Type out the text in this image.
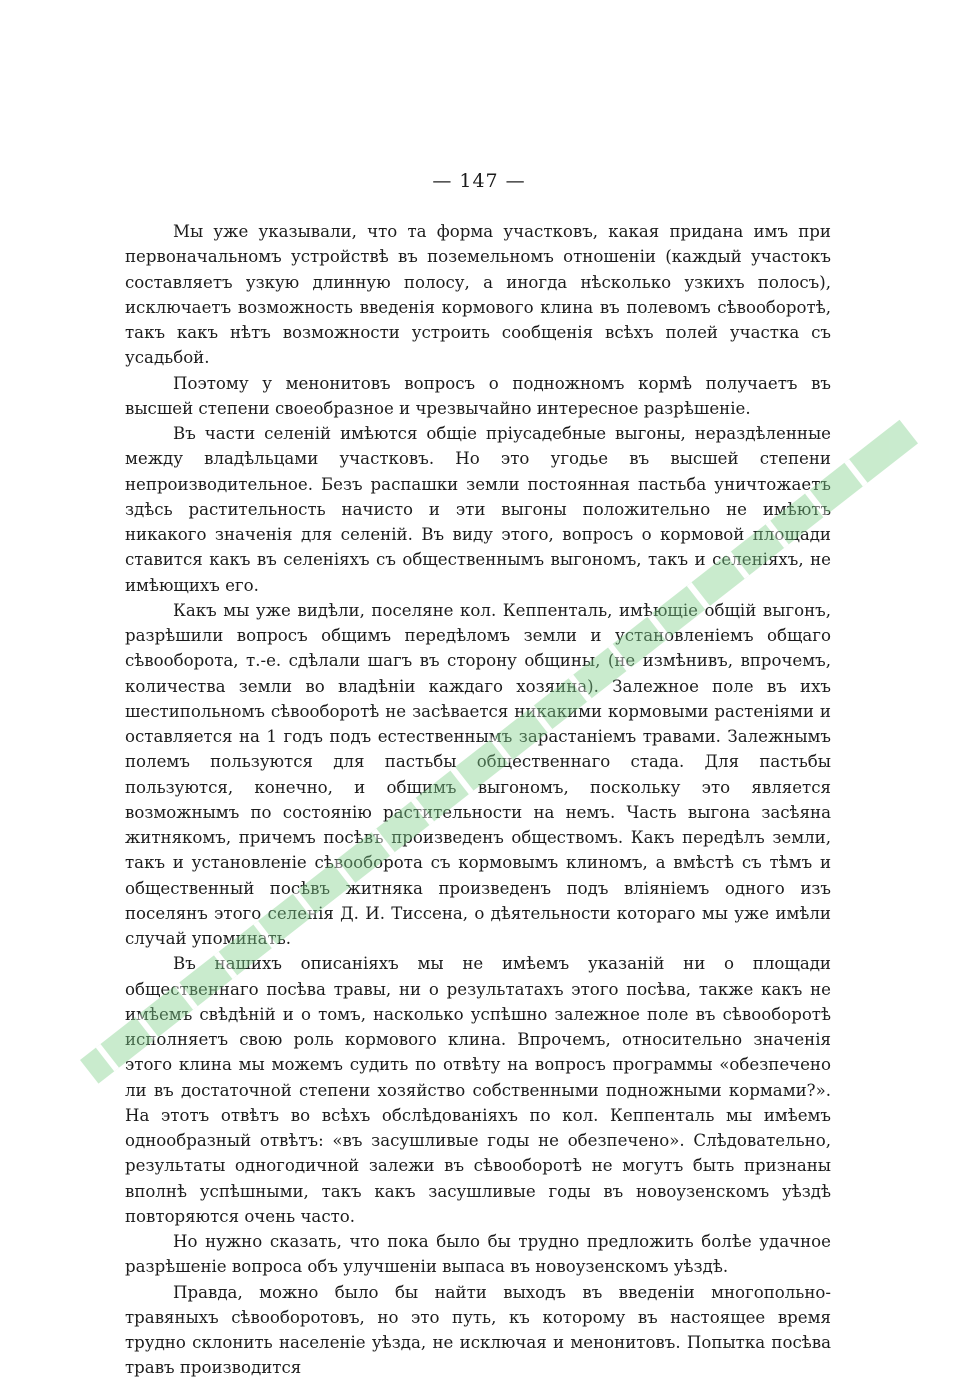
— 147 —

Мы уже указывали, что та форма участковъ, какая придана имъ при первоначальномъ устройствѣ въ поземельномъ отношеніи (каждый участокъ составляетъ узкую длинную полосу, а иногда нѣсколько узкихъ полосъ), исключаетъ возможность введенія кормового клина въ полевомъ сѣвооборотѣ, такъ какъ нѣтъ возможности устроить сообщенія всѣхъ полей участка съ усадьбой.

Поэтому у менонитовъ вопросъ о подножномъ кормѣ получаетъ въ высшей степени своеобразное и чрезвычайно интересное разрѣшеніе.

Въ части селеній имѣются общіе пріусадебные выгоны, нераздѣленные между владѣльцами участковъ. Но это угодье въ высшей степени непроизводительное. Безъ распашки земли постоянная пастьба уничтожаетъ здѣсь растительность начисто и эти выгоны положительно не имѣютъ никакого значенія для селеній. Въ виду этого, вопросъ о кормовой площади ставится какъ въ селеніяхъ съ общественнымъ выгономъ, такъ и селеніяхъ, не имѣющихъ его.

Какъ мы уже видѣли, поселяне кол. Кеппенталь, имѣющіе общій выгонъ, разрѣшили вопросъ общимъ передѣломъ земли и установленіемъ общаго сѣвооборота, т.-е. сдѣлали шагъ въ сторону общины, (не измѣнивъ, впрочемъ, количества земли во владѣніи каждаго хозяина). Залежное поле въ ихъ шестипольномъ сѣвооборотѣ не засѣвается никакими кормовыми растеніями и оставляется на 1 годъ подъ естественнымъ зарастаніемъ травами. Залежнымъ полемъ пользуются для пастьбы общественнаго стада. Для пастьбы пользуются, конечно, и общимъ выгономъ, поскольку это является возможнымъ по состоянію растительности на немъ. Часть выгона засѣяна житнякомъ, причемъ посѣвъ произведенъ обществомъ. Какъ передѣлъ земли, такъ и установленіе сѣвооборота съ кормовымъ клиномъ, а вмѣстѣ съ тѣмъ и общественный посѣвъ житняка произведенъ подъ вліяніемъ одного изъ поселянъ этого селенія Д. И. Тиссена, о дѣятельности котораго мы уже имѣли случай упоминать.

Въ нашихъ описаніяхъ мы не имѣемъ указаній ни о площади общественнаго посѣва травы, ни о результатахъ этого посѣва, также какъ не имѣемъ свѣдѣній и о томъ, насколько успѣшно залежное поле въ сѣвооборотѣ исполняетъ свою роль кормового клина. Впрочемъ, относительно значенія этого клина мы можемъ судить по отвѣту на вопросъ программы «обезпечено ли въ достаточной степени хозяйство собственными подножными кормами?». На этотъ отвѣтъ во всѣхъ обслѣдованіяхъ по кол. Кеппенталь мы имѣемъ однообразный отвѣтъ: «въ засушливые годы не обезпечено». Слѣдовательно, результаты одногодичной залежи въ сѣвооборотѣ не могутъ быть признаны вполнѣ успѣшными, такъ какъ засушливые годы въ новоузенскомъ уѣздѣ повторяются очень часто.

Но нужно сказать, что пока было бы трудно предложить болѣе удачное разрѣшеніе вопроса объ улучшеніи выпаса въ новоузенскомъ уѣздѣ.

Правда, можно было бы найти выходъ въ введеніи многопольно-травяныхъ сѣвооборотовъ, но это путь, къ которому въ настоящее время трудно склонить населеніе уѣзда, не исключая и менонитовъ. Попытка посѣва травъ производится
